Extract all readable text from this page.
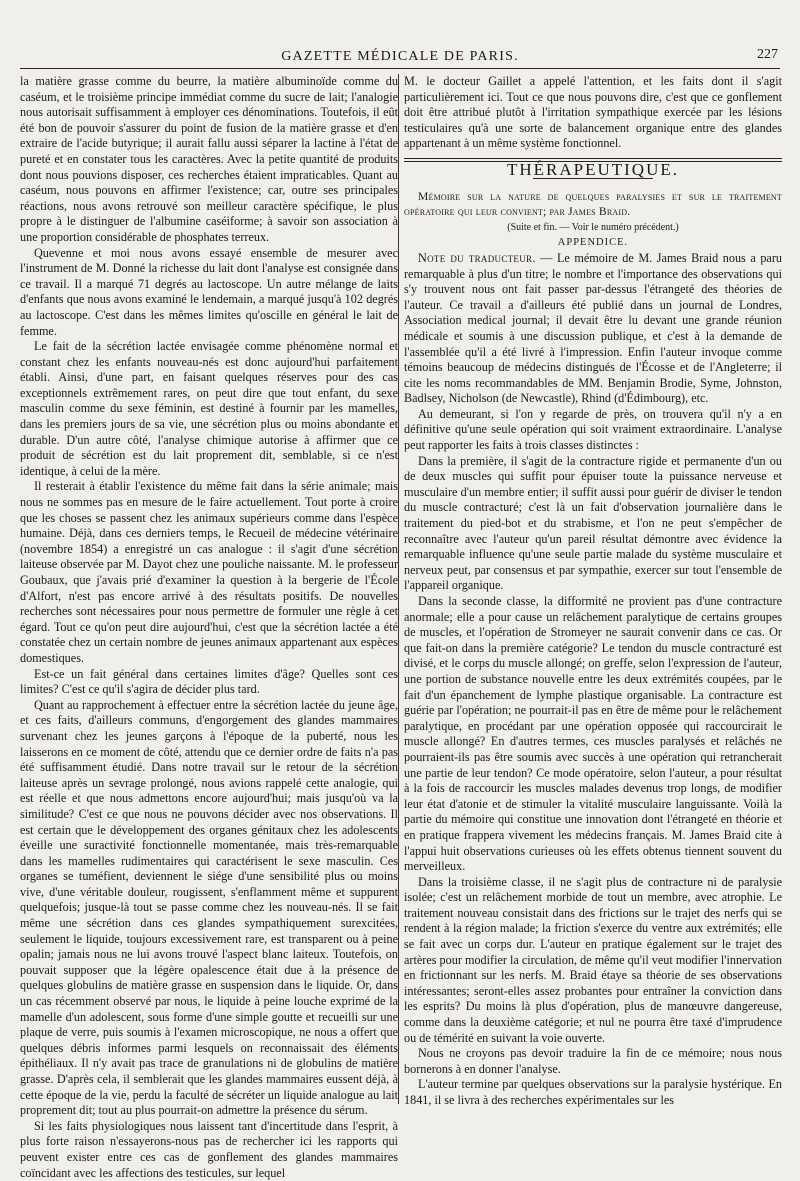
GAZETTE MÉDICALE DE PARIS.	227

la matière grasse comme du beurre, la matière albuminoïde comme du caséum, et le troisième principe immédiat comme du sucre de lait; l'analogie nous autorisait suffisamment à employer ces dénominations. Toutefois, il eût été bon de pouvoir s'assurer du point de fusion de la matière grasse et d'en extraire de l'acide butyrique; il aurait fallu aussi séparer la lactine à l'état de pureté et en constater tous les caractères. Avec la petite quantité de produits dont nous pouvions disposer, ces recherches étaient impraticables. Quant au caséum, nous pouvons en affirmer l'existence; car, outre ses principales réactions, nous avons retrouvé son meilleur caractère spécifique, le plus propre à le distinguer de l'albumine caséiforme; à savoir son association à une proportion considérable de phosphates terreux.

Quevenne et moi nous avons essayé ensemble de mesurer avec l'instrument de M. Donné la richesse du lait dont l'analyse est consignée dans ce travail. Il a marqué 71 degrés au lactoscope. Un autre mélange de laits d'enfants que nous avons examiné le lendemain, a marqué jusqu'à 102 degrés au lactoscope. C'est dans les mêmes limites qu'oscille en général le lait de femme.

Le fait de la sécrétion lactée envisagée comme phénomène normal et constant chez les enfants nouveau-nés est donc aujourd'hui parfaitement établi. Ainsi, d'une part, en faisant quelques réserves pour des cas exceptionnels extrêmement rares, on peut dire que tout enfant, du sexe masculin comme du sexe féminin, est destiné à fournir par les mamelles, dans les premiers jours de sa vie, une sécrétion plus ou moins abondante et durable. D'un autre côté, l'analyse chimique autorise à affirmer que ce produit de sécrétion est du lait proprement dit, semblable, si ce n'est identique, à celui de la mère.

Il resterait à établir l'existence du même fait dans la série animale; mais nous ne sommes pas en mesure de le faire actuellement. Tout porte à croire que les choses se passent chez les animaux supérieurs comme dans l'espèce humaine. Déjà, dans ces derniers temps, le Recueil de médecine vétérinaire (novembre 1854) a enregistré un cas analogue : il s'agit d'une sécrétion laiteuse observée par M. Dayot chez une pouliche naissante. M. le professeur Goubaux, que j'avais prié d'examiner la question à la bergerie de l'École d'Alfort, n'est pas encore arrivé à des résultats positifs. De nouvelles recherches sont nécessaires pour nous permettre de formuler une règle à cet égard. Tout ce qu'on peut dire aujourd'hui, c'est que la sécrétion lactée a été constatée chez un certain nombre de jeunes animaux appartenant aux espèces domestiques.

Est-ce un fait général dans certaines limites d'âge? Quelles sont ces limites? C'est ce qu'il s'agira de décider plus tard.

Quant au rapprochement à effectuer entre la sécrétion lactée du jeune âge, et ces faits, d'ailleurs communs, d'engorgement des glandes mammaires survenant chez les jeunes garçons à l'époque de la puberté, nous les laisserons en ce moment de côté, attendu que ce dernier ordre de faits n'a pas été suffisamment étudié. Dans notre travail sur le retour de la sécrétion laiteuse après un sevrage prolongé, nous avions rappelé cette analogie, qui est réelle et que nous admettons encore aujourd'hui; mais jusqu'où va la similitude? C'est ce que nous ne pouvons décider avec nos observations. Il est certain que le développement des organes génitaux chez les adolescents éveille une suractivité fonctionnelle momentanée, mais très-remarquable dans les mamelles rudimentaires qui caractérisent le sexe masculin. Ces organes se tuméfient, deviennent le siége d'une sensibilité plus ou moins vive, d'une véritable douleur, rougissent, s'enflamment même et suppurent quelquefois; jusque-là tout se passe comme chez les nouveau-nés. Il se fait même une sécrétion dans ces glandes sympathiquement surexcitées, seulement le liquide, toujours excessivement rare, est transparent ou à peine opalin; jamais nous ne lui avons trouvé l'aspect blanc laiteux. Toutefois, on pouvait supposer que la légère opalescence était due à la présence de quelques globulins de matière grasse en suspension dans le liquide. Or, dans un cas récemment observé par nous, le liquide à peine louche exprimé de la mamelle d'un adolescent, sous forme d'une simple goutte et recueilli sur une plaque de verre, puis soumis à l'examen microscopique, ne nous a offert que quelques débris informes parmi lesquels on reconnaissait des éléments épithéliaux. Il n'y avait pas trace de granulations ni de globulins de matière grasse. D'après cela, il semblerait que les glandes mammaires eussent déjà, à cette époque de la vie, perdu la faculté de sécréter un liquide analogue au lait proprement dit; tout au plus pourrait-on admettre la présence du sérum.

Si les faits physiologiques nous laissent tant d'incertitude dans l'esprit, à plus forte raison n'essayerons-nous pas de rechercher ici les rapports qui peuvent exister entre ces cas de gonflement des glandes mammaires coïncidant avec les affections des testicules, sur lequel

M. le docteur Gaillet a appelé l'attention, et les faits dont il s'agit particulièrement ici. Tout ce que nous pouvons dire, c'est que ce gonflement doit être attribué plutôt à l'irritation sympathique exercée par les lésions testiculaires qu'à une sorte de balancement organique entre des glandes appartenant à un même système fonctionnel.

THÉRAPEUTIQUE.

Mémoire sur la nature de quelques paralysies et sur le traitement opératoire qui leur convient; par James Braid.

(Suite et fin. — Voir le numéro précédent.)

APPENDICE.

Note du traducteur. — Le mémoire de M. James Braid nous a paru remarquable à plus d'un titre; le nombre et l'importance des observations qui s'y trouvent nous ont fait passer par-dessus l'étrangeté des théories de l'auteur. Ce travail a d'ailleurs été publié dans un journal de Londres, Association medical journal; il devait être lu devant une grande réunion médicale et soumis à une discussion publique, et c'est à la demande de l'assemblée qu'il a été livré à l'impression. Enfin l'auteur invoque comme témoins beaucoup de médecins distingués de l'Écosse et de l'Angleterre; il cite les noms recommandables de MM. Benjamin Brodie, Syme, Johnston, Badlsey, Nicholson (de Newcastle), Rhind (d'Édimbourg), etc.

Au demeurant, si l'on y regarde de près, on trouvera qu'il n'y a en définitive qu'une seule opération qui soit vraiment extraordinaire. L'analyse peut rapporter les faits à trois classes distinctes :

Dans la première, il s'agit de la contracture rigide et permanente d'un ou de deux muscles qui suffit pour épuiser toute la puissance nerveuse et musculaire d'un membre entier; il suffit aussi pour guérir de diviser le tendon du muscle contracturé; c'est là un fait d'observation journalière dans le traitement du pied-bot et du strabisme, et l'on ne peut s'empêcher de reconnaître avec l'auteur qu'un pareil résultat démontre avec évidence la remarquable influence qu'une seule partie malade du système musculaire et nerveux peut, par consensus et par sympathie, exercer sur tout l'ensemble de l'appareil organique.

Dans la seconde classe, la difformité ne provient pas d'une contracture anormale; elle a pour cause un relâchement paralytique de certains groupes de muscles, et l'opération de Stromeyer ne saurait convenir dans ce cas. Or que fait-on dans la première catégorie? Le tendon du muscle contracturé est divisé, et le corps du muscle allongé; on greffe, selon l'expression de l'auteur, une portion de substance nouvelle entre les deux extrémités coupées, par le fait d'un épanchement de lymphe plastique organisable. La contracture est guérie par l'opération; ne pourrait-il pas en être de même pour le relâchement paralytique, en procédant par une opération opposée qui raccourcirait le muscle allongé? En d'autres termes, ces muscles paralysés et relâchés ne pourraient-ils pas être soumis avec succès à une opération qui retrancherait une partie de leur tendon? Ce mode opératoire, selon l'auteur, a pour résultat à la fois de raccourcir les muscles malades devenus trop longs, de modifier leur état d'atonie et de stimuler la vitalité musculaire languissante. Voilà la partie du mémoire qui constitue une innovation dont l'étrangeté en théorie et en pratique frappera vivement les médecins français. M. James Braid cite à l'appui huit observations curieuses où les effets obtenus tiennent souvent du merveilleux.

Dans la troisième classe, il ne s'agit plus de contracture ni de paralysie isolée; c'est un relâchement morbide de tout un membre, avec atrophie. Le traitement nouveau consistait dans des frictions sur le trajet des nerfs qui se rendent à la région malade; la friction s'exerce du ventre aux extrémités; elle se fait avec un corps dur. L'auteur en pratique également sur le trajet des artères pour modifier la circulation, de même qu'il veut modifier l'innervation en frictionnant sur les nerfs. M. Braid étaye sa théorie de ses observations intéressantes; seront-elles assez probantes pour entraîner la conviction dans les esprits? Du moins là plus d'opération, plus de manœuvre dangereuse, comme dans la deuxième catégorie; et nul ne pourra être taxé d'imprudence ou de témérité en suivant la voie ouverte.

Nous ne croyons pas devoir traduire la fin de ce mémoire; nous nous bornerons à en donner l'analyse.

L'auteur termine par quelques observations sur la paralysie hystérique. En 1841, il se livra à des recherches expérimentales sur les
